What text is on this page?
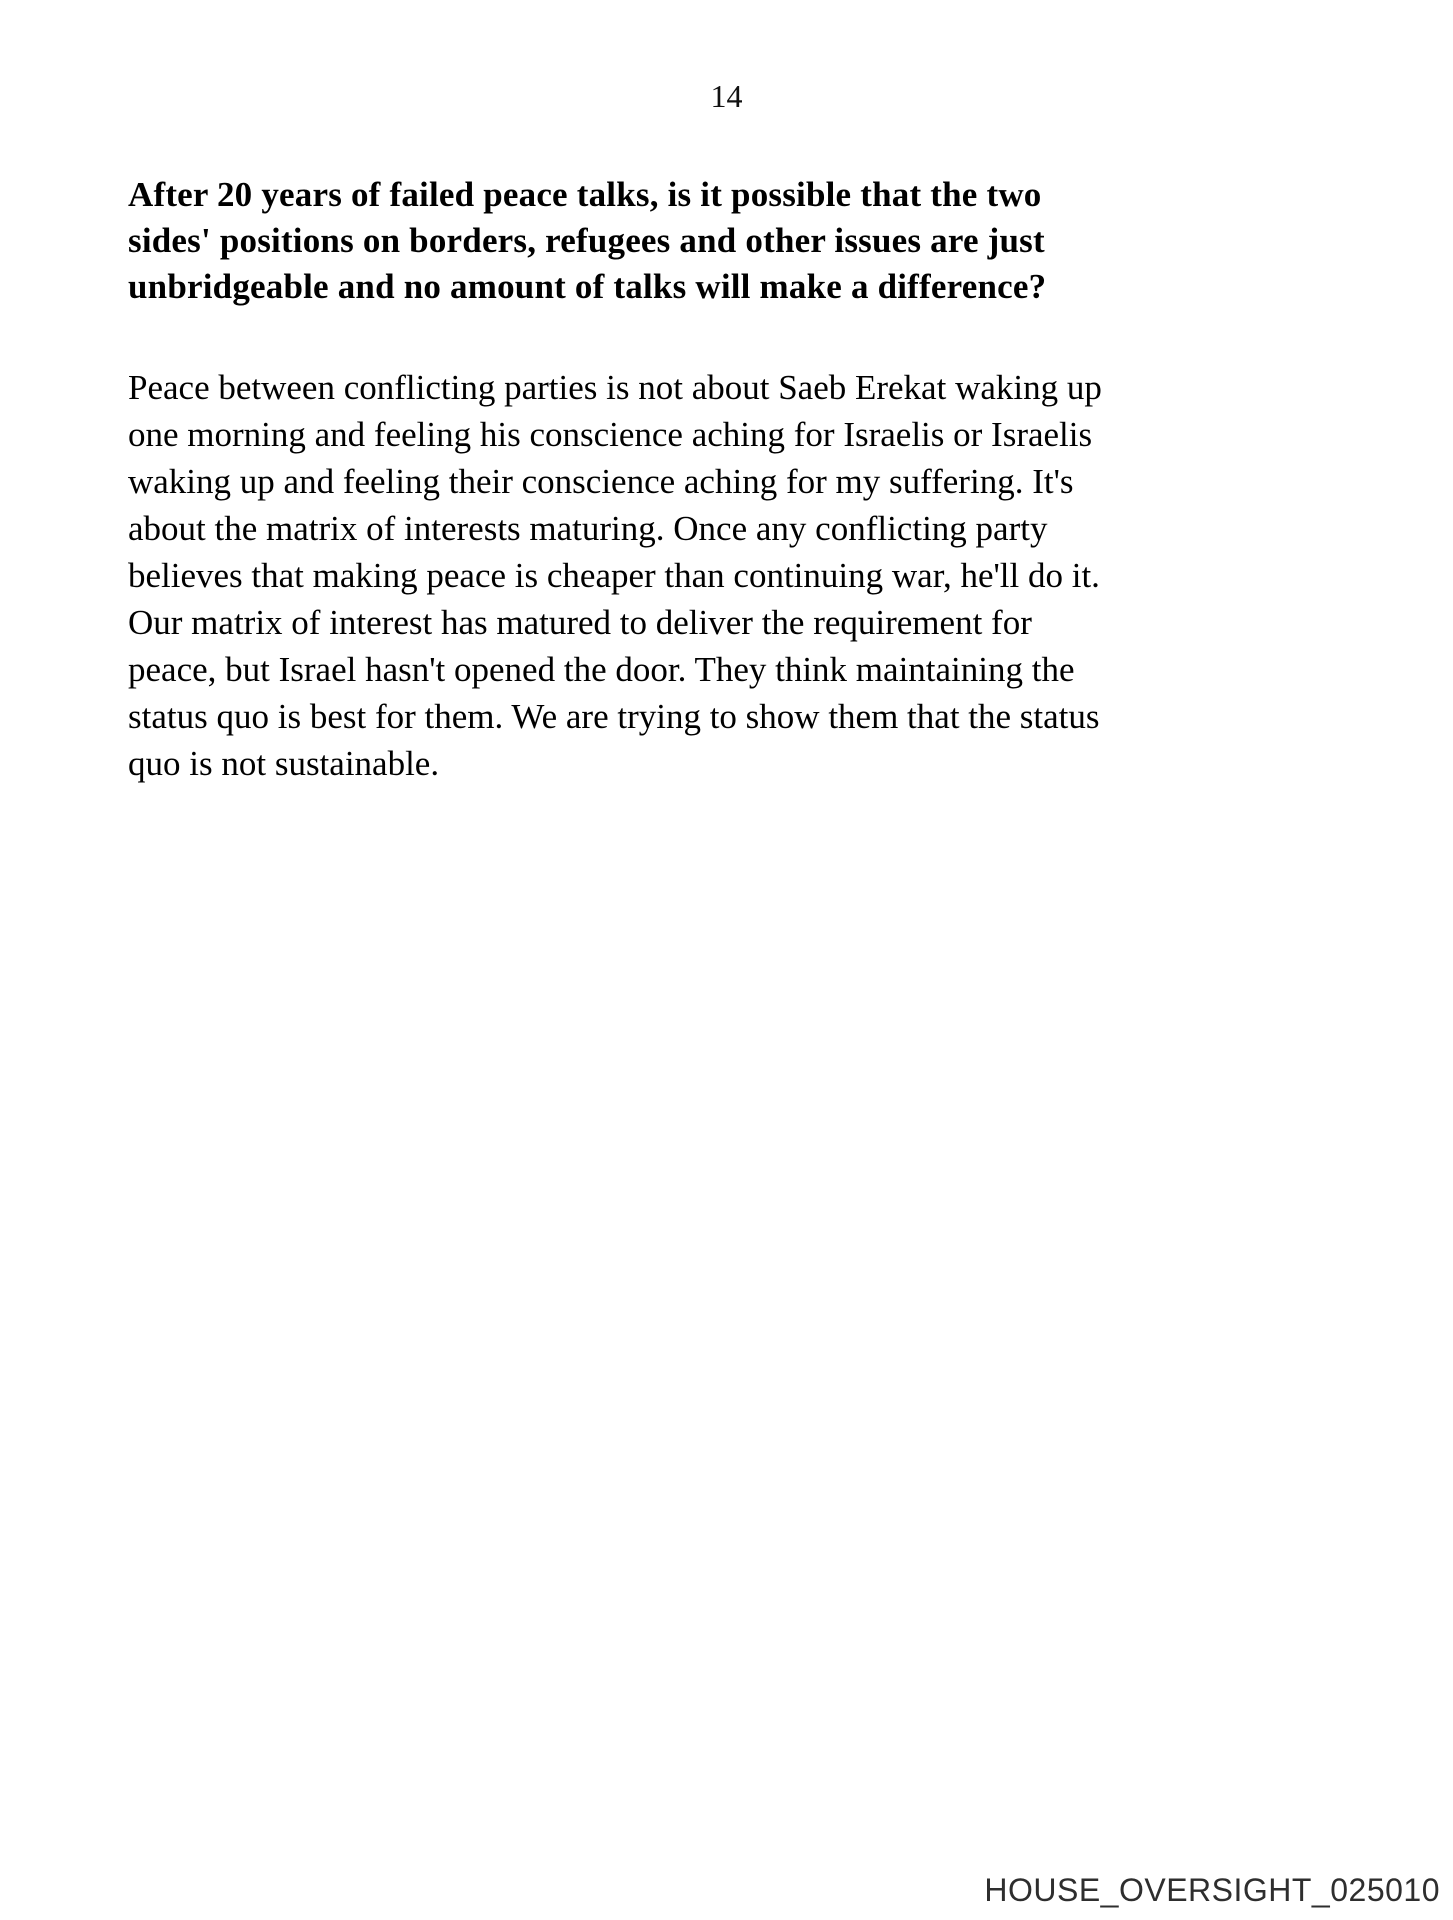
14
After 20 years of failed peace talks, is it possible that the two
sides' positions on borders, refugees and other issues are just
unbridgeable and no amount of talks will make a difference?
Peace between conflicting parties is not about Saeb Erekat waking up
one morning and feeling his conscience aching for Israelis or Israelis
waking up and feeling their conscience aching for my suffering. It's
about the matrix of interests maturing. Once any conflicting party
believes that making peace is cheaper than continuing war, he'll do it.
Our matrix of interest has matured to deliver the requirement for
peace, but Israel hasn't opened the door. They think maintaining the
status quo is best for them. We are trying to show them that the status
quo is not sustainable.
HOUSE_OVERSIGHT_025010
